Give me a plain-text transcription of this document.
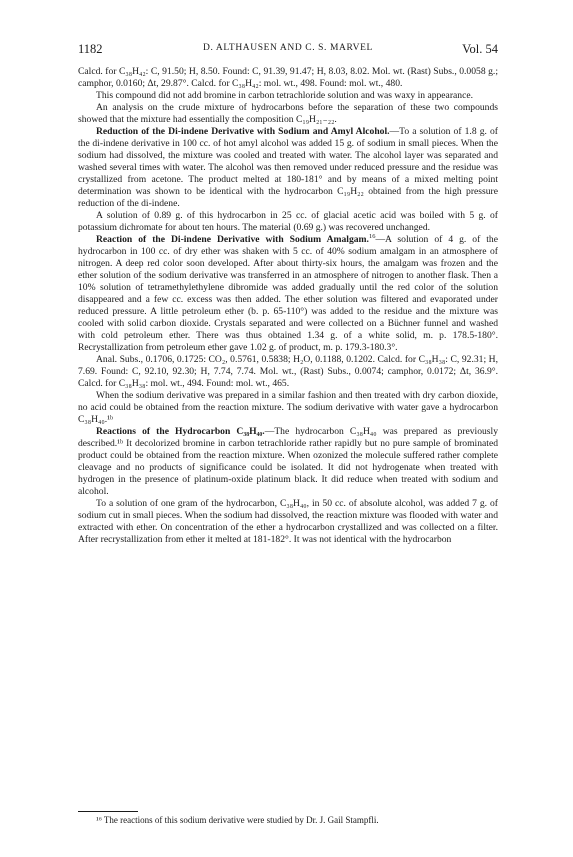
1182	D. ALTHAUSEN AND C. S. MARVEL	Vol. 54

Calcd. for C₃₈H₄₂: C, 91.50; H, 8.50. Found: C, 91.39, 91.47; H, 8.03, 8.02. Mol. wt. (Rast) Subs., 0.0058 g.; camphor, 0.0160; Δt, 29.87°. Calcd. for C₃₈H₄₂: mol. wt., 498. Found: mol. wt., 480.

This compound did not add bromine in carbon tetrachloride solution and was waxy in appearance.

An analysis on the crude mixture of hydrocarbons before the separation of these two compounds showed that the mixture had essentially the composition C₁₉H₂₁₋₂₂.

Reduction of the Di-indene Derivative with Sodium and Amyl Alcohol.—To a solution of 1.8 g. of the di-indene derivative in 100 cc. of hot amyl alcohol was added 15 g. of sodium in small pieces. When the sodium had dissolved, the mixture was cooled and treated with water. The alcohol layer was separated and washed several times with water. The alcohol was then removed under reduced pressure and the residue was crystallized from acetone. The product melted at 180-181° and by means of a mixed melting point determination was shown to be identical with the hydrocarbon C₁₉H₂₂ obtained from the high pressure reduction of the di-indene.

A solution of 0.89 g. of this hydrocarbon in 25 cc. of glacial acetic acid was boiled with 5 g. of potassium dichromate for about ten hours. The material (0.69 g.) was recovered unchanged.

Reaction of the Di-indene Derivative with Sodium Amalgam.$^{16}$—A solution of 4 g. of the hydrocarbon in 100 cc. of dry ether was shaken with 5 cc. of 40% sodium amalgam in an atmosphere of nitrogen. A deep red color soon developed. After about thirty-six hours, the amalgam was frozen and the ether solution of the sodium derivative was transferred in an atmosphere of nitrogen to another flask. Then a 10% solution of tetramethylethylene dibromide was added gradually until the red color of the solution disappeared and a few cc. excess was then added. The ether solution was filtered and evaporated under reduced pressure. A little petroleum ether (b. p. 65-110°) was added to the residue and the mixture was cooled with solid carbon dioxide. Crystals separated and were collected on a Büchner funnel and washed with cold petroleum ether. There was thus obtained 1.34 g. of a white solid, m. p. 178.5-180°. Recrystallization from petroleum ether gave 1.02 g. of product, m. p. 179.3-180.3°.

Anal. Subs., 0.1706, 0.1725: CO₂, 0.5761, 0.5838; H₂O, 0.1188, 0.1202. Calcd. for C₃₈H₃₈: C, 92.31; H, 7.69. Found: C, 92.10, 92.30; H, 7.74, 7.74. Mol. wt., (Rast) Subs., 0.0074; camphor, 0.0172; Δt, 36.9°. Calcd. for C₃₈H₃₈: mol. wt., 494. Found: mol. wt., 465.

When the sodium derivative was prepared in a similar fashion and then treated with dry carbon dioxide, no acid could be obtained from the reaction mixture. The sodium derivative with water gave a hydrocarbon C₃₈H₄₀.¹ᵇ

Reactions of the Hydrocarbon C₃₈H₄₀.—The hydrocarbon C₃₈H₄₀ was prepared as previously described.¹ᵇ It decolorized bromine in carbon tetrachloride rather rapidly but no pure sample of brominated product could be obtained from the reaction mixture. When ozonized the molecule suffered rather complete cleavage and no products of significance could be isolated. It did not hydrogenate when treated with hydrogen in the presence of platinum-oxide platinum black. It did reduce when treated with sodium and alcohol.

To a solution of one gram of the hydrocarbon, C₃₈H₄₀, in 50 cc. of absolute alcohol, was added 7 g. of sodium cut in small pieces. When the sodium had dissolved, the reaction mixture was flooded with water and extracted with ether. On concentration of the ether a hydrocarbon crystallized and was collected on a filter. After recrystallization from ether it melted at 181-182°. It was not identical with the hydrocarbon

¹⁶ The reactions of this sodium derivative were studied by Dr. J. Gail Stampfli.
